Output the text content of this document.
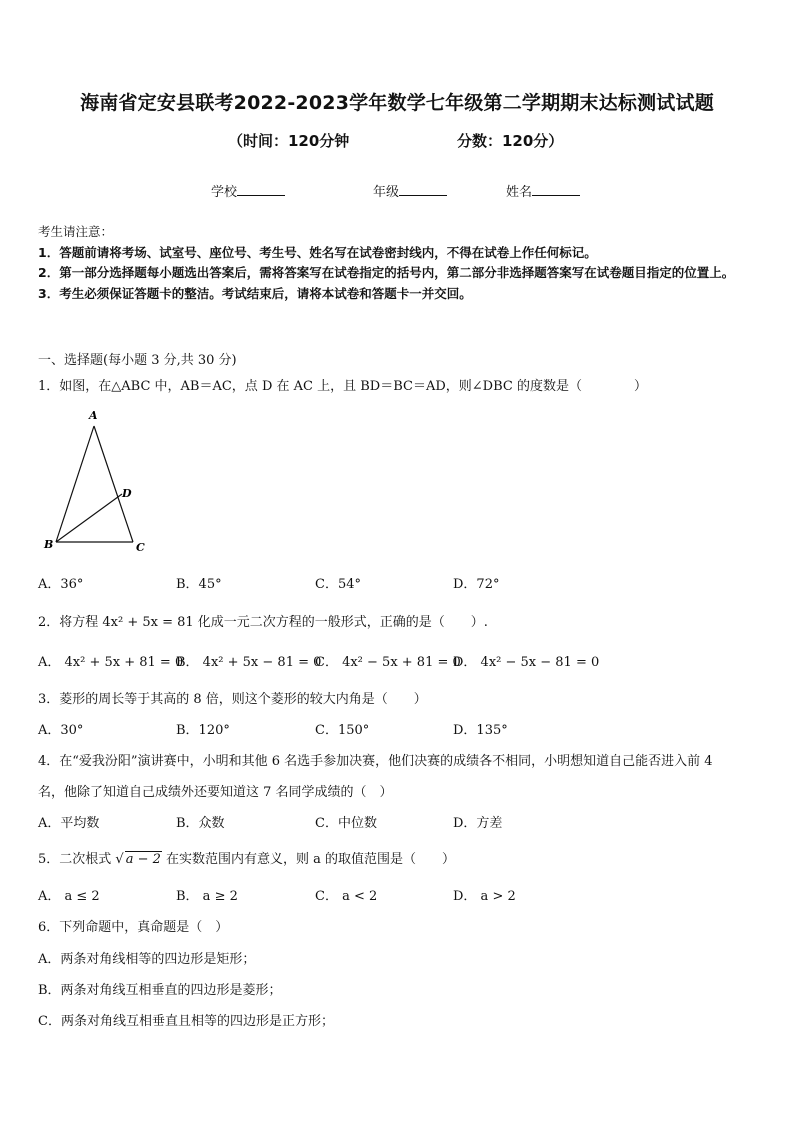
海南省定安县联考2022-2023学年数学七年级第二学期期末达标测试试题
（时间：120分钟	分数：120分）
学校	年级	姓名
考生请注意：
1．答题前请将考场、试室号、座位号、考生号、姓名写在试卷密封线内，不得在试卷上作任何标记。
2．第一部分选择题每小题选出答案后，需将答案写在试卷指定的括号内，第二部分非选择题答案写在试卷题目指定的位置上。
3．考生必须保证答题卡的整洁。考试结束后，请将本试卷和答题卡一并交回。
一、选择题(每小题 3 分,共 30 分)
1．如图，在△ABC 中，AB＝AC，点 D 在 AC 上，且 BD＝BC＝AD，则∠DBC 的度数是（　　　　）
A
B	C
D
A．36°	B．45°	C．54°	D．72°
2．将方程 4x² + 5x = 81 化成一元二次方程的一般形式，正确的是（　　）.
A． 4x² + 5x + 81 = 0
B． 4x² + 5x − 81 = 0
C． 4x² − 5x + 81 = 0
D． 4x² − 5x − 81 = 0
3．菱形的周长等于其高的 8 倍，则这个菱形的较大内角是（　　）
A．30°	B．120°	C．150°	D．135°
4．在“爱我汾阳”演讲赛中，小明和其他 6 名选手参加决赛，他们决赛的成绩各不相同，小明想知道自己能否进入前 4
名，他除了知道自己成绩外还要知道这 7 名同学成绩的（　）
A．平均数	B．众数	C．中位数	D．方差
5．二次根式 √ a − 2 在实数范围内有意义，则 a 的取值范围是（　　）
A． a ≤ 2	B． a ≥ 2	C． a < 2	D． a > 2
6．下列命题中，真命题是（　）
A．两条对角线相等的四边形是矩形；
B．两条对角线互相垂直的四边形是菱形；
C．两条对角线互相垂直且相等的四边形是正方形；
